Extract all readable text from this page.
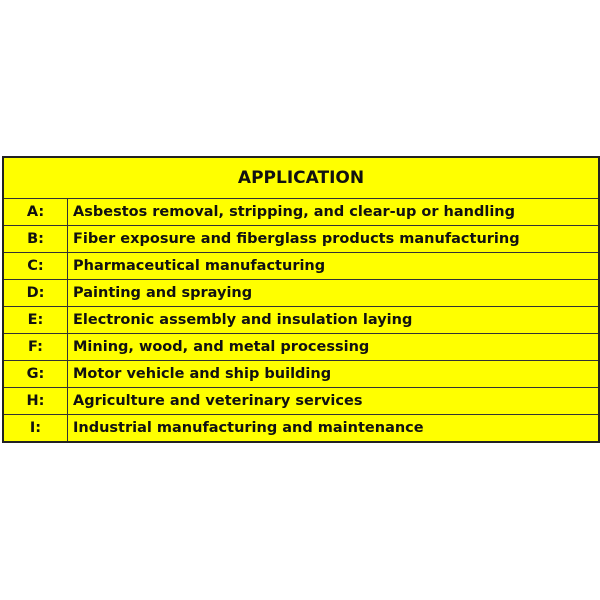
APPLICATION
A:	Asbestos removal, stripping, and clear-up or handling
B:	Fiber exposure and fiberglass products manufacturing
C:	Pharmaceutical manufacturing
D:	Painting and spraying
E:	Electronic assembly and insulation laying
F:	Mining, wood, and metal processing
G:	Motor vehicle and ship building
H:	Agriculture and veterinary services
I:	Industrial manufacturing and maintenance
